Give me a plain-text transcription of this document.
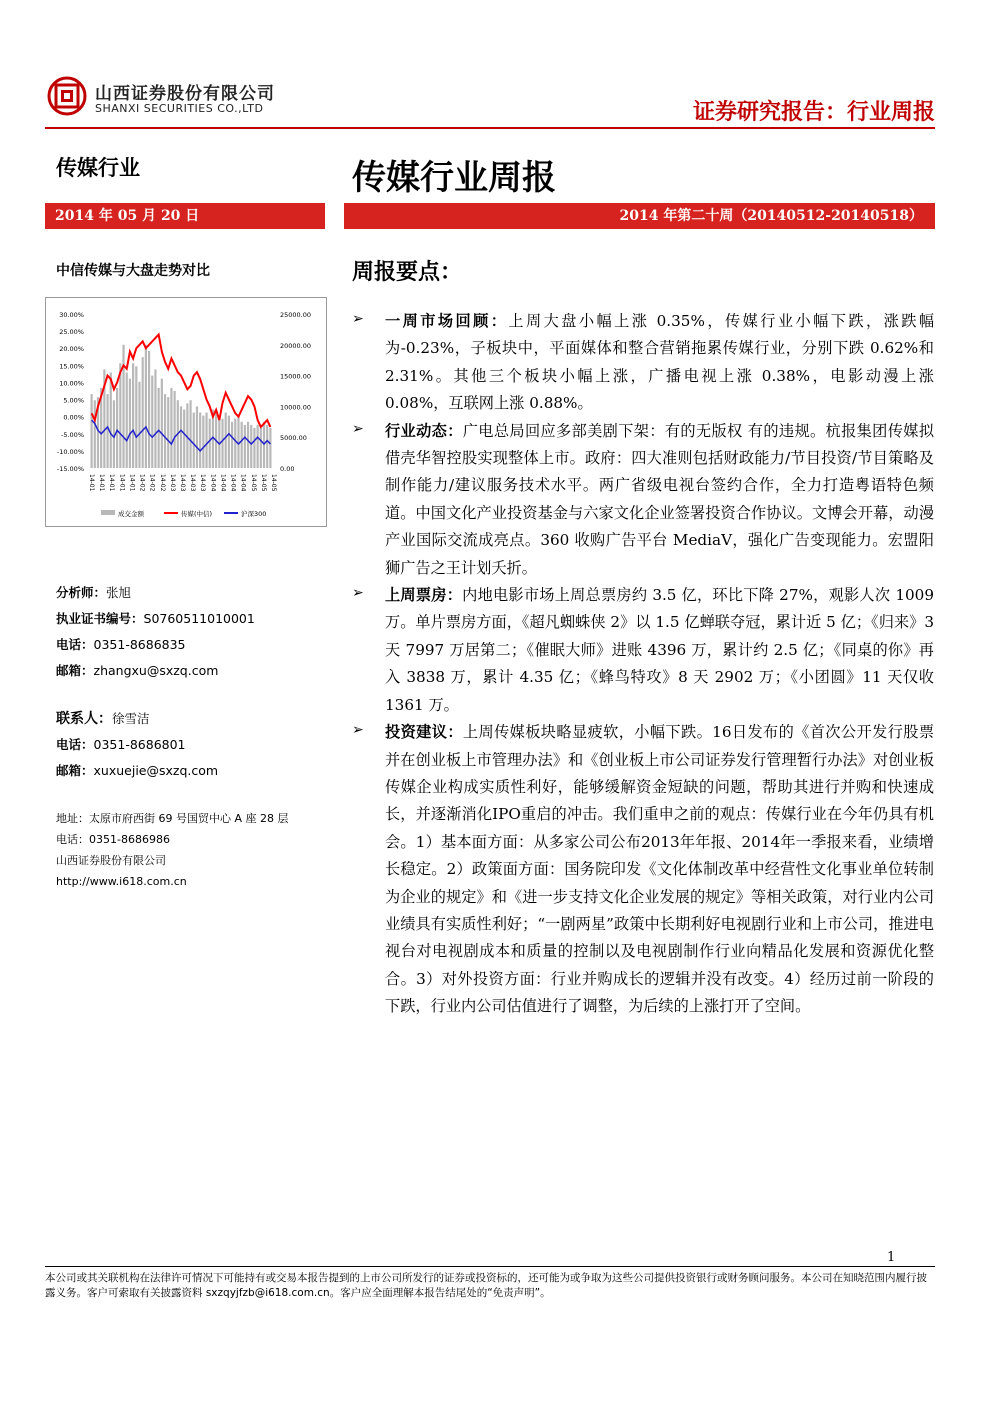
山西证券股份有限公司
SHANXI SECURITIES CO.,LTD	证券研究报告：行业周报
传媒行业	传媒行业周报
2014 年 05 月 20 日	2014 年第二十周（20140512-20140518）
中信传媒与大盘走势对比
30.00%
25.00%
20.00%
15.00%
10.00%
5.00%
0.00%
-5.00%
-10.00%
-15.00%
25000.00
20000.00
15000.00
10000.00
5000.00
0.00
14-01 14-01 14-01 14-01 14-01 14-02 14-02 14-02 14-03 14-03 14-03 14-03 14-04 14-04 14-04 14-04 14-05 14-05 14-05
成交金额	传媒(中信)	沪深300
周报要点：
分析师：张旭
执业证书编号：S0760511010001
电话：0351-8686835
邮箱：zhangxu@sxzq.com
联系人：徐雪洁
电话：0351-8686801
邮箱：xuxuejie@sxzq.com
地址：太原市府西街 69 号国贸中心 A 座 28 层
电话：0351-8686986
山西证券股份有限公司
http://www.i618.com.cn
➢	一周市场回顾：上周大盘小幅上涨 0.35%，传媒行业小幅下跌，涨跌幅为-0.23%，子板块中，平面媒体和整合营销拖累传媒行业，分别下跌 0.62%和 2.31%。其他三个板块小幅上涨，广播电视上涨 0.38%，电影动漫上涨 0.08%，互联网上涨 0.88%。
➢	行业动态：广电总局回应多部美剧下架：有的无版权 有的违规。杭报集团传媒拟借壳华智控股实现整体上市。政府：四大准则包括财政能力/节目投资/节目策略及制作能力/建议服务技术水平。两广省级电视台签约合作，全力打造粤语特色频道。中国文化产业投资基金与六家文化企业签署投资合作协议。文博会开幕，动漫产业国际交流成亮点。360 收购广告平台 MediaV，强化广告变现能力。宏盟阳狮广告之王计划夭折。
➢	上周票房：内地电影市场上周总票房约 3.5 亿，环比下降 27%，观影人次 1009 万。单片票房方面，《超凡蜘蛛侠 2》以 1.5 亿蝉联夺冠，累计近 5 亿；《归来》3 天 7997 万居第二；《催眠大师》进账 4396 万，累计约 2.5 亿；《同桌的你》再入 3838 万，累计 4.35 亿；《蜂鸟特攻》8 天 2902 万；《小团圆》11 天仅收 1361 万。
➢	投资建议：上周传媒板块略显疲软，小幅下跌。16日发布的《首次公开发行股票并在创业板上市管理办法》和《创业板上市公司证券发行管理暂行办法》对创业板传媒企业构成实质性利好，能够缓解资金短缺的问题，帮助其进行并购和快速成长，并逐渐消化IPO重启的冲击。我们重申之前的观点：传媒行业在今年仍具有机会。1）基本面方面：从多家公司公布2013年年报、2014年一季报来看，业绩增长稳定。2）政策面方面：国务院印发《文化体制改革中经营性文化事业单位转制为企业的规定》和《进一步支持文化企业发展的规定》等相关政策，对行业内公司业绩具有实质性利好；“一剧两星”政策中长期利好电视剧行业和上市公司，推进电视台对电视剧成本和质量的控制以及电视剧制作行业向精品化发展和资源优化整合。3）对外投资方面：行业并购成长的逻辑并没有改变。4）经历过前一阶段的下跌，行业内公司估值进行了调整，为后续的上涨打开了空间。
1
本公司或其关联机构在法律许可情况下可能持有或交易本报告提到的上市公司所发行的证券或投资标的，还可能为或争取为这些公司提供投资银行或财务顾问服务。本公司在知晓范围内履行披露义务。客户可索取有关披露资料 sxzqyjfzb@i618.com.cn。客户应全面理解本报告结尾处的“免责声明”。
